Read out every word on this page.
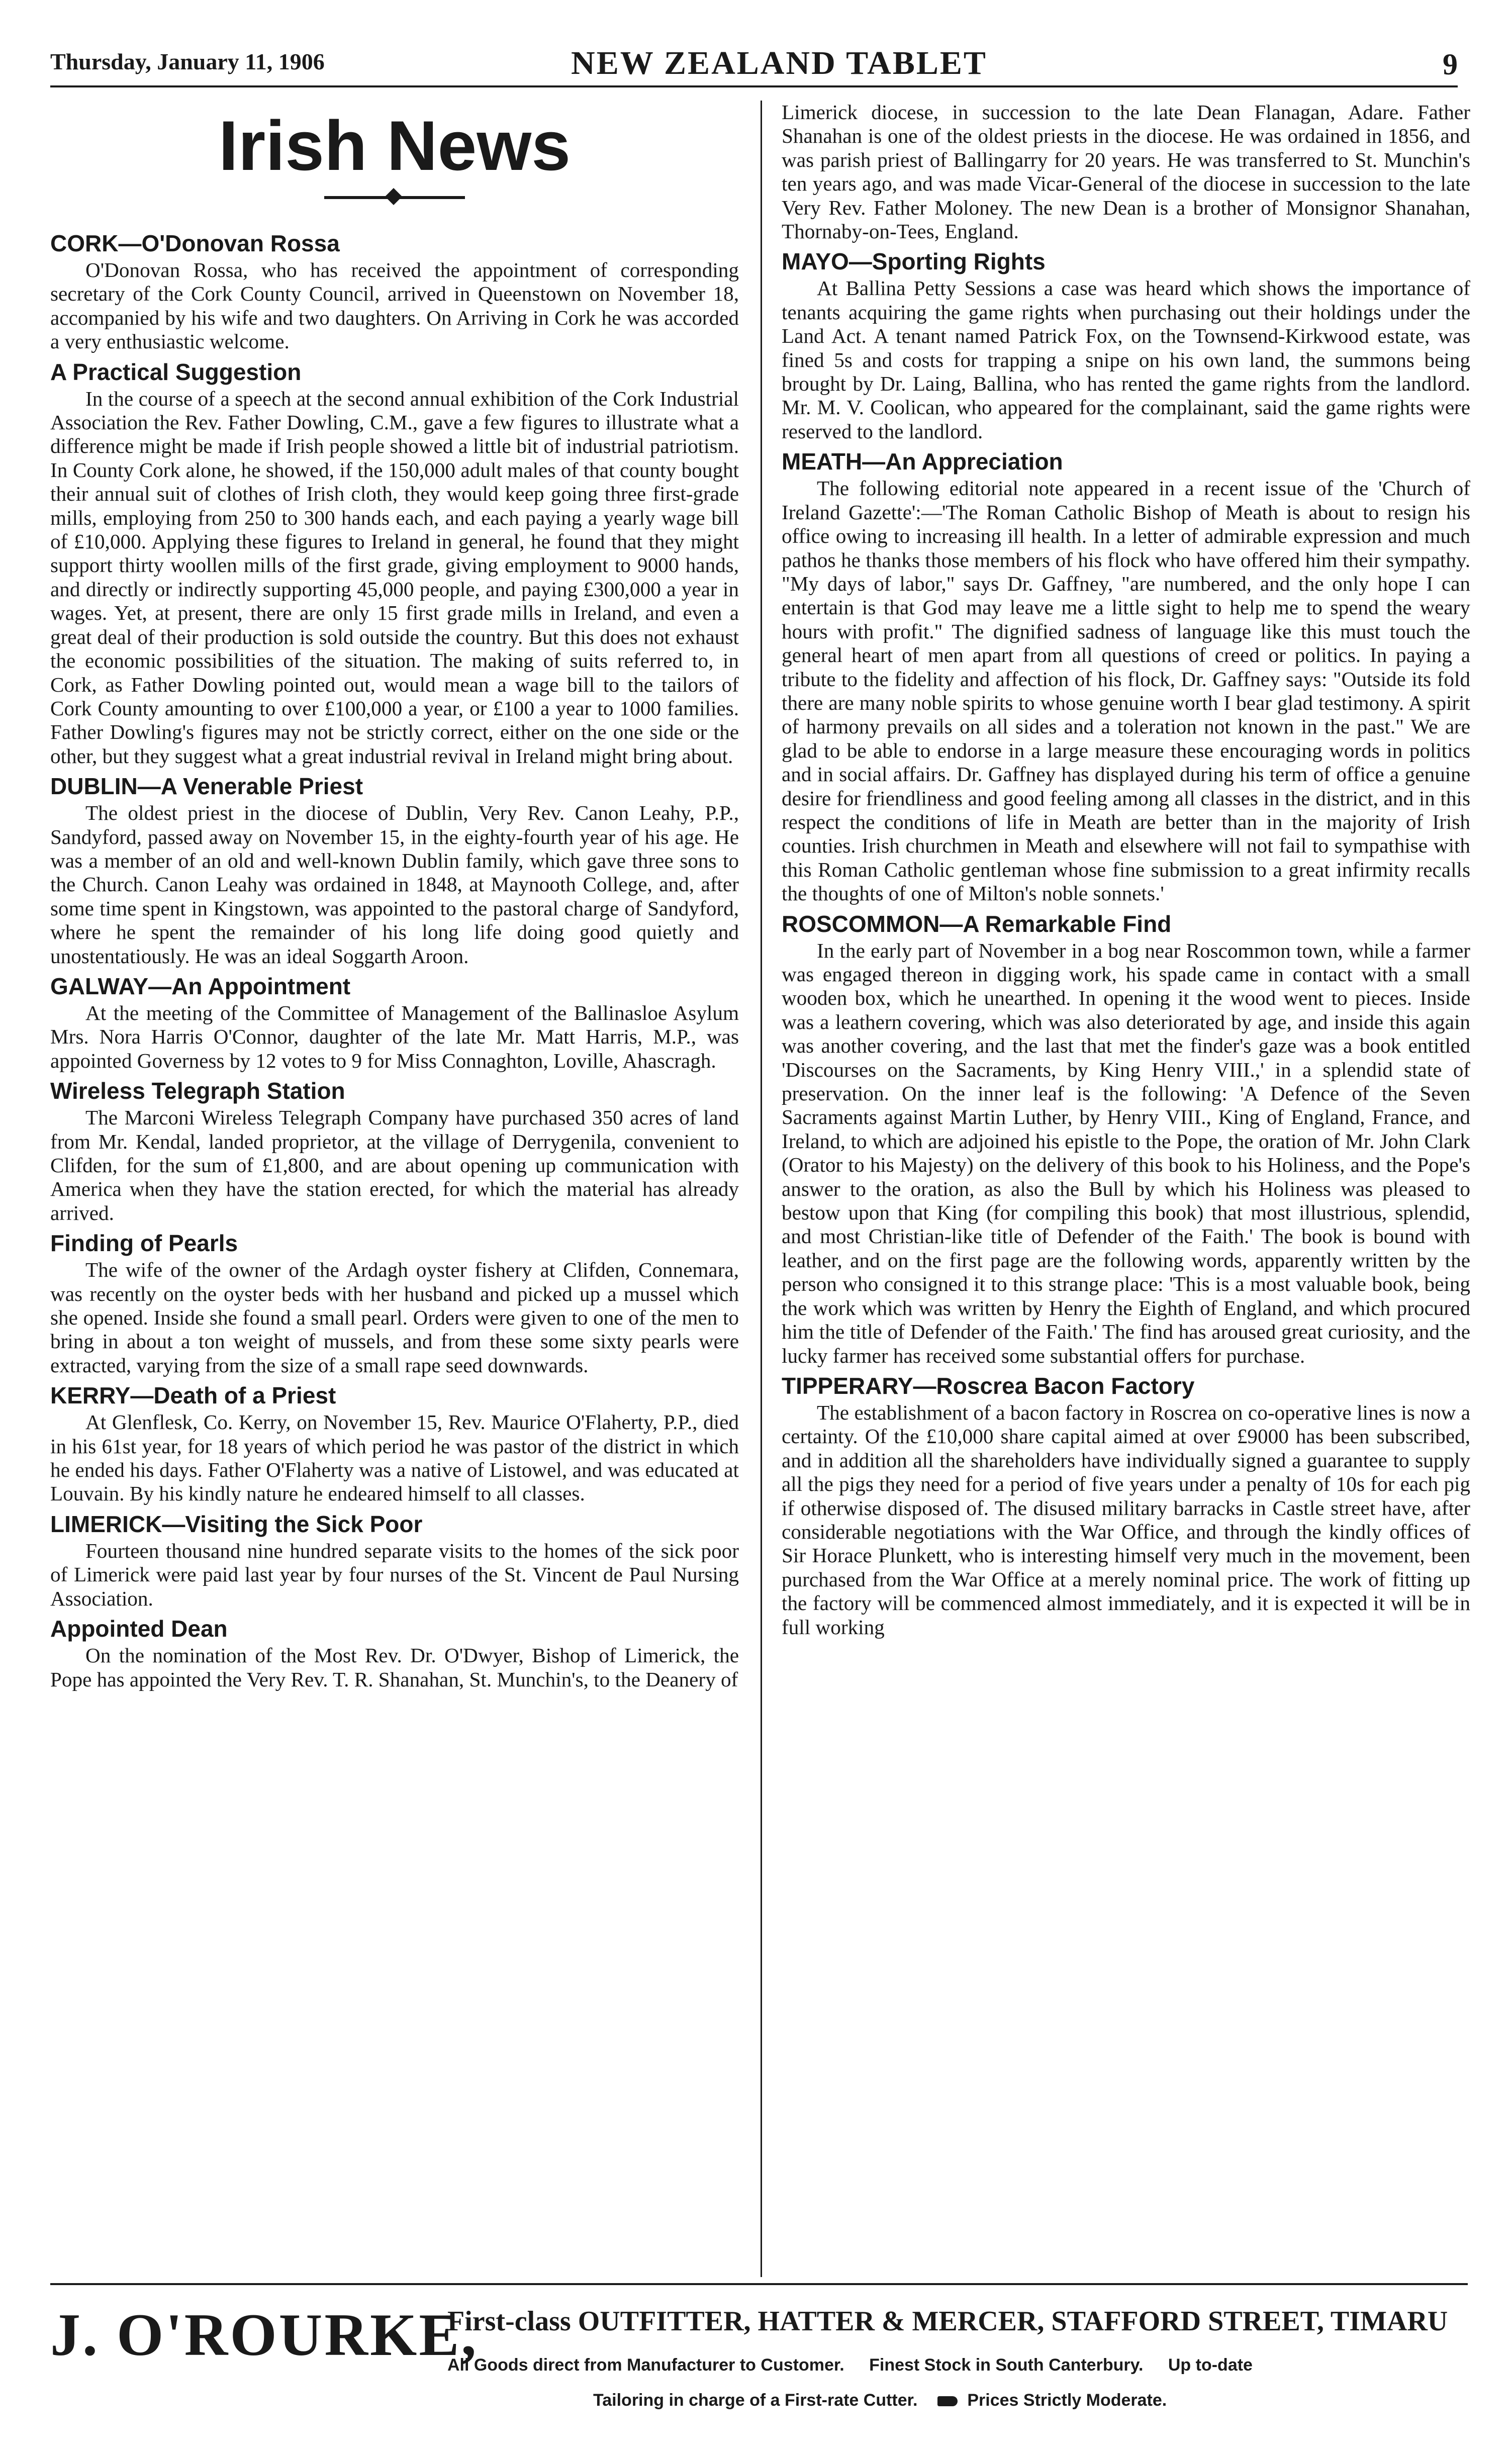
Thursday, January 11, 1906	NEW ZEALAND TABLET	9
Irish News
CORK—O'Donovan Rossa

O'Donovan Rossa, who has received the appointment of corresponding secretary of the Cork County Council, arrived in Queenstown on November 18, accompanied by his wife and two daughters. On Arriving in Cork he was accorded a very enthusiastic welcome.

A Practical Suggestion

In the course of a speech at the second annual exhibition of the Cork Industrial Association the Rev. Father Dowling, C.M., gave a few figures to illustrate what a difference might be made if Irish people showed a little bit of industrial patriotism. In County Cork alone, he showed, if the 150,000 adult males of that county bought their annual suit of clothes of Irish cloth, they would keep going three first-grade mills, employing from 250 to 300 hands each, and each paying a yearly wage bill of £10,000. Applying these figures to Ireland in general, he found that they might support thirty woollen mills of the first grade, giving employment to 9000 hands, and directly or indirectly supporting 45,000 people, and paying £300,000 a year in wages. Yet, at present, there are only 15 first grade mills in Ireland, and even a great deal of their production is sold outside the country. But this does not exhaust the economic possibilities of the situation. The making of suits referred to, in Cork, as Father Dowling pointed out, would mean a wage bill to the tailors of Cork County amounting to over £100,000 a year, or £100 a year to 1000 families. Father Dowling's figures may not be strictly correct, either on the one side or the other, but they suggest what a great industrial revival in Ireland might bring about.

DUBLIN—A Venerable Priest

The oldest priest in the diocese of Dublin, Very Rev. Canon Leahy, P.P., Sandyford, passed away on November 15, in the eighty-fourth year of his age. He was a member of an old and well-known Dublin family, which gave three sons to the Church. Canon Leahy was ordained in 1848, at Maynooth College, and, after some time spent in Kingstown, was appointed to the pastoral charge of Sandyford, where he spent the remainder of his long life doing good quietly and unostentatiously. He was an ideal Soggarth Aroon.

GALWAY—An Appointment

At the meeting of the Committee of Management of the Ballinasloe Asylum Mrs. Nora Harris O'Connor, daughter of the late Mr. Matt Harris, M.P., was appointed Governess by 12 votes to 9 for Miss Connaghton, Loville, Ahascragh.

Wireless Telegraph Station

The Marconi Wireless Telegraph Company have purchased 350 acres of land from Mr. Kendal, landed proprietor, at the village of Derrygenila, convenient to Clifden, for the sum of £1,800, and are about opening up communication with America when they have the station erected, for which the material has already arrived.

Finding of Pearls

The wife of the owner of the Ardagh oyster fishery at Clifden, Connemara, was recently on the oyster beds with her husband and picked up a mussel which she opened. Inside she found a small pearl. Orders were given to one of the men to bring in about a ton weight of mussels, and from these some sixty pearls were extracted, varying from the size of a small rape seed downwards.

KERRY—Death of a Priest

At Glenflesk, Co. Kerry, on November 15, Rev. Maurice O'Flaherty, P.P., died in his 61st year, for 18 years of which period he was pastor of the district in which he ended his days. Father O'Flaherty was a native of Listowel, and was educated at Louvain. By his kindly nature he endeared himself to all classes.

LIMERICK—Visiting the Sick Poor

Fourteen thousand nine hundred separate visits to the homes of the sick poor of Limerick were paid last year by four nurses of the St. Vincent de Paul Nursing Association.

Appointed Dean

On the nomination of the Most Rev. Dr. O'Dwyer, Bishop of Limerick, the Pope has appointed the Very Rev. T. R. Shanahan, St. Munchin's, to the Deanery of

Limerick diocese, in succession to the late Dean Flanagan, Adare. Father Shanahan is one of the oldest priests in the diocese. He was ordained in 1856, and was parish priest of Ballingarry for 20 years. He was transferred to St. Munchin's ten years ago, and was made Vicar-General of the diocese in succession to the late Very Rev. Father Moloney. The new Dean is a brother of Monsignor Shanahan, Thornaby-on-Tees, England.

MAYO—Sporting Rights

At Ballina Petty Sessions a case was heard which shows the importance of tenants acquiring the game rights when purchasing out their holdings under the Land Act. A tenant named Patrick Fox, on the Townsend-Kirkwood estate, was fined 5s and costs for trapping a snipe on his own land, the summons being brought by Dr. Laing, Ballina, who has rented the game rights from the landlord. Mr. M. V. Coolican, who appeared for the complainant, said the game rights were reserved to the landlord.

MEATH—An Appreciation

The following editorial note appeared in a recent issue of the 'Church of Ireland Gazette':—'The Roman Catholic Bishop of Meath is about to resign his office owing to increasing ill health. In a letter of admirable expression and much pathos he thanks those members of his flock who have offered him their sympathy. "My days of labor," says Dr. Gaffney, "are numbered, and the only hope I can entertain is that God may leave me a little sight to help me to spend the weary hours with profit." The dignified sadness of language like this must touch the general heart of men apart from all questions of creed or politics. In paying a tribute to the fidelity and affection of his flock, Dr. Gaffney says: "Outside its fold there are many noble spirits to whose genuine worth I bear glad testimony. A spirit of harmony prevails on all sides and a toleration not known in the past." We are glad to be able to endorse in a large measure these encouraging words in politics and in social affairs. Dr. Gaffney has displayed during his term of office a genuine desire for friendliness and good feeling among all classes in the district, and in this respect the conditions of life in Meath are better than in the majority of Irish counties. Irish churchmen in Meath and elsewhere will not fail to sympathise with this Roman Catholic gentleman whose fine submission to a great infirmity recalls the thoughts of one of Milton's noble sonnets.'

ROSCOMMON—A Remarkable Find

In the early part of November in a bog near Roscommon town, while a farmer was engaged thereon in digging work, his spade came in contact with a small wooden box, which he unearthed. In opening it the wood went to pieces. Inside was a leathern covering, which was also deteriorated by age, and inside this again was another covering, and the last that met the finder's gaze was a book entitled 'Discourses on the Sacraments, by King Henry VIII.,' in a splendid state of preservation. On the inner leaf is the following: 'A Defence of the Seven Sacraments against Martin Luther, by Henry VIII., King of England, France, and Ireland, to which are adjoined his epistle to the Pope, the oration of Mr. John Clark (Orator to his Majesty) on the delivery of this book to his Holiness, and the Pope's answer to the oration, as also the Bull by which his Holiness was pleased to bestow upon that King (for compiling this book) that most illustrious, splendid, and most Christian-like title of Defender of the Faith.' The book is bound with leather, and on the first page are the following words, apparently written by the person who consigned it to this strange place: 'This is a most valuable book, being the work which was written by Henry the Eighth of England, and which procured him the title of Defender of the Faith.' The find has aroused great curiosity, and the lucky farmer has received some substantial offers for purchase.

TIPPERARY—Roscrea Bacon Factory

The establishment of a bacon factory in Roscrea on co-operative lines is now a certainty. Of the £10,000 share capital aimed at over £9000 has been subscribed, and in addition all the shareholders have individually signed a guarantee to supply all the pigs they need for a period of five years under a penalty of 10s for each pig if otherwise disposed of. The disused military barracks in Castle street have, after considerable negotiations with the War Office, and through the kindly offices of Sir Horace Plunkett, who is interesting himself very much in the movement, been purchased from the War Office at a merely nominal price. The work of fitting up the factory will be commenced almost immediately, and it is expected it will be in full working

J. O'ROURKE,
First-class OUTFITTER, HATTER & MERCER, STAFFORD STREET, TIMARU
All Goods direct from Manufacturer to Customer. Finest Stock in South Canterbury. Up to-date
Tailoring in charge of a First-rate Cutter.	Prices Strictly Moderate.
